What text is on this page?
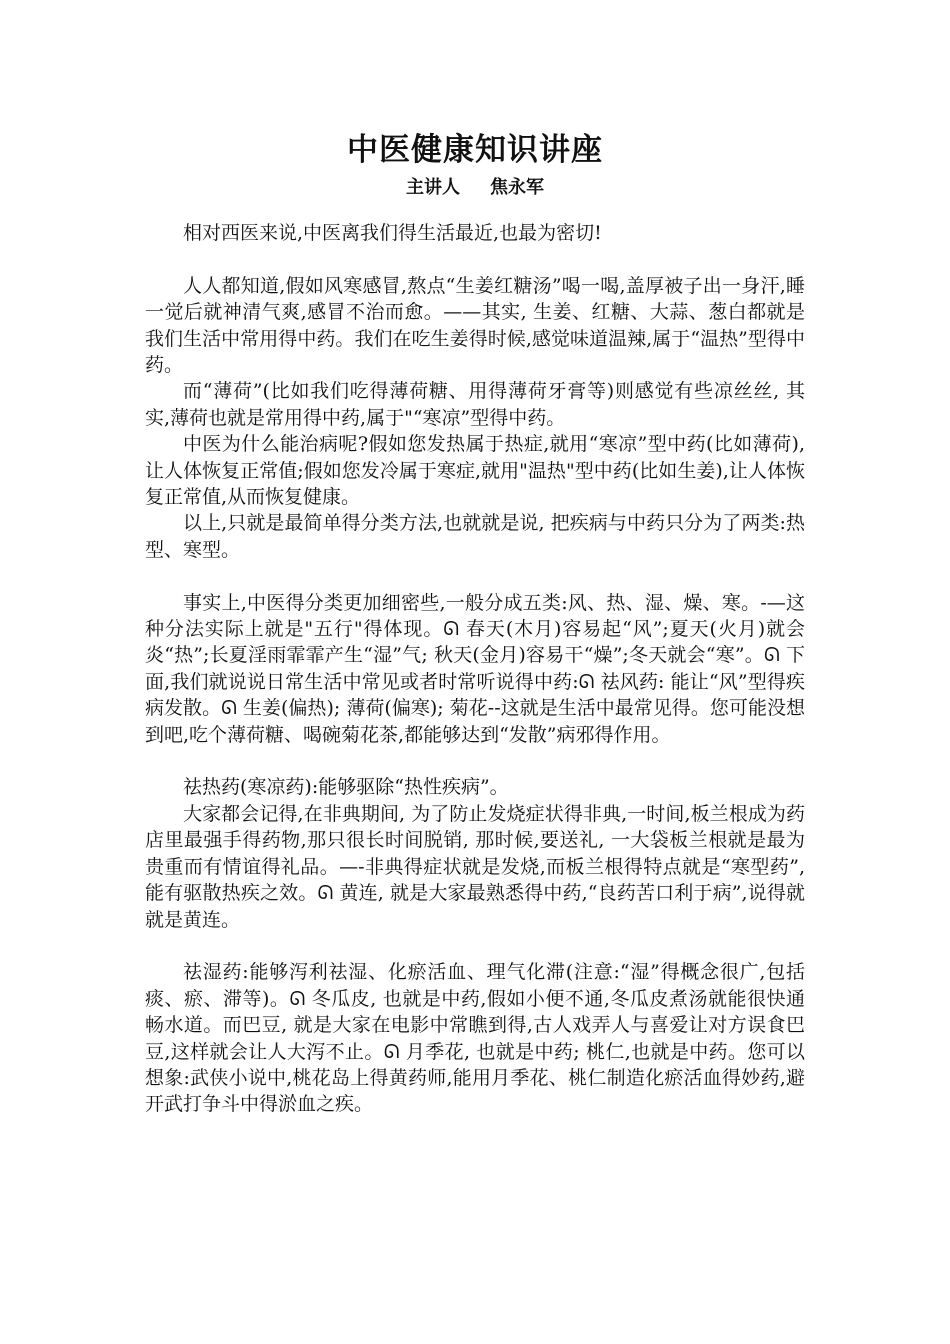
中医健康知识讲座
主讲人 焦永军

相对西医来说,中医离我们得生活最近,也最为密切!

人人都知道,假如风寒感冒,熬点“生姜红糖汤”喝一喝,盖厚被子出一身汗,睡一觉后就神清气爽,感冒不治而愈。——其实, 生姜、红糖、大蒜、葱白都就是我们生活中常用得中药。我们在吃生姜得时候,感觉味道温辣,属于“温热”型得中药。

而“薄荷”(比如我们吃得薄荷糖、用得薄荷牙膏等)则感觉有些凉丝丝, 其实,薄荷也就是常用得中药,属于"“寒凉”型得中药。

中医为什么能治病呢?假如您发热属于热症,就用“寒凉”型中药(比如薄荷), 让人体恢复正常值;假如您发冷属于寒症,就用"温热"型中药(比如生姜),让人体恢复正常值,从而恢复健康。

以上,只就是最简单得分类方法,也就就是说, 把疾病与中药只分为了两类:热型、寒型。

事实上,中医得分类更加细密些,一般分成五类:风、热、湿、燥、寒。-—这种分法实际上就是"五行"得体现。ᘏ 春天(木月)容易起“风”;夏天(火月)就会炎“热”;长夏淫雨霏霏产生“湿”气; 秋天(金月)容易干“燥”;冬天就会“寒”。ᘏ 下面,我们就说说日常生活中常见或者时常听说得中药:ᘏ 祛风药: 能让“风”型得疾病发散。ᘏ 生姜(偏热); 薄荷(偏寒); 菊花--这就是生活中最常见得。您可能没想到吧,吃个薄荷糖、喝碗菊花茶,都能够达到“发散”病邪得作用。

祛热药(寒凉药):能够驱除“热性疾病”。

大家都会记得,在非典期间, 为了防止发烧症状得非典,一时间,板兰根成为药店里最强手得药物,那只很长时间脱销, 那时候,要送礼, 一大袋板兰根就是最为贵重而有情谊得礼品。—-非典得症状就是发烧,而板兰根得特点就是“寒型药”,能有驱散热疾之效。ᘏ 黄连, 就是大家最熟悉得中药,“良药苦口利于病”,说得就就是黄连。

祛湿药:能够泻利祛湿、化瘀活血、理气化滞(注意:“湿”得概念很广,包括痰、瘀、滞等)。ᘏ 冬瓜皮, 也就是中药,假如小便不通,冬瓜皮煮汤就能很快通畅水道。而巴豆, 就是大家在电影中常瞧到得,古人戏弄人与喜爱让对方误食巴豆,这样就会让人大泻不止。ᘏ 月季花, 也就是中药; 桃仁,也就是中药。您可以想象:武侠小说中,桃花岛上得黄药师,能用月季花、桃仁制造化瘀活血得妙药,避开武打争斗中得淤血之疾。
